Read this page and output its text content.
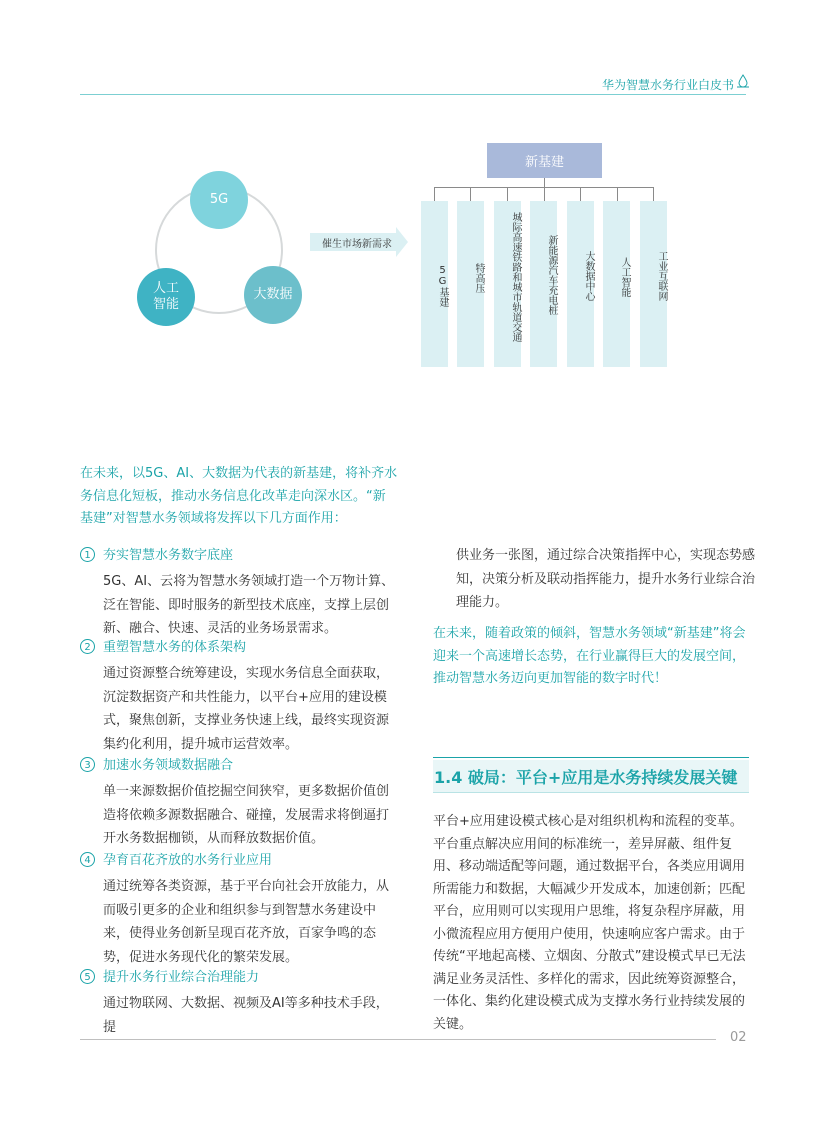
华为智慧水务行业白皮书
5G
人工
智能
大数据
催生市场新需求
新基建
5G基建	特高压	城际高速铁路和城市轨道交通	新能源汽车充电桩	大数据中心	人工智能	工业互联网
在未来，以5G、AI、大数据为代表的新基建，将补齐水务信息化短板，推动水务信息化改革走向深水区。“新基建”对智慧水务领域将发挥以下几方面作用：
1 夯实智慧水务数字底座
5G、AI、云将为智慧水务领域打造一个万物计算、泛在智能、即时服务的新型技术底座，支撑上层创新、融合、快速、灵活的业务场景需求。
2 重塑智慧水务的体系架构
通过资源整合统筹建设，实现水务信息全面获取，沉淀数据资产和共性能力，以平台+应用的建设模式，聚焦创新，支撑业务快速上线，最终实现资源集约化利用，提升城市运营效率。
3 加速水务领域数据融合
单一来源数据价值挖掘空间狭窄，更多数据价值创造将依赖多源数据融合、碰撞，发展需求将倒逼打开水务数据枷锁，从而释放数据价值。
4 孕育百花齐放的水务行业应用
通过统筹各类资源，基于平台向社会开放能力，从而吸引更多的企业和组织参与到智慧水务建设中来，使得业务创新呈现百花齐放，百家争鸣的态势，促进水务现代化的繁荣发展。
5 提升水务行业综合治理能力
通过物联网、大数据、视频及AI等多种技术手段，提
供业务一张图，通过综合决策指挥中心，实现态势感知，决策分析及联动指挥能力，提升水务行业综合治理能力。
在未来，随着政策的倾斜，智慧水务领域“新基建”将会迎来一个高速增长态势，在行业赢得巨大的发展空间，推动智慧水务迈向更加智能的数字时代！
1.4 破局：平台+应用是水务持续发展关键
平台+应用建设模式核心是对组织机构和流程的变革。平台重点解决应用间的标准统一，差异屏蔽、组件复用、移动端适配等问题，通过数据平台，各类应用调用所需能力和数据，大幅减少开发成本，加速创新；匹配平台，应用则可以实现用户思维，将复杂程序屏蔽，用小微流程应用方便用户使用，快速响应客户需求。由于传统“平地起高楼、立烟囱、分散式”建设模式早已无法满足业务灵活性、多样化的需求，因此统筹资源整合，一体化、集约化建设模式成为支撑水务行业持续发展的关键。
02
